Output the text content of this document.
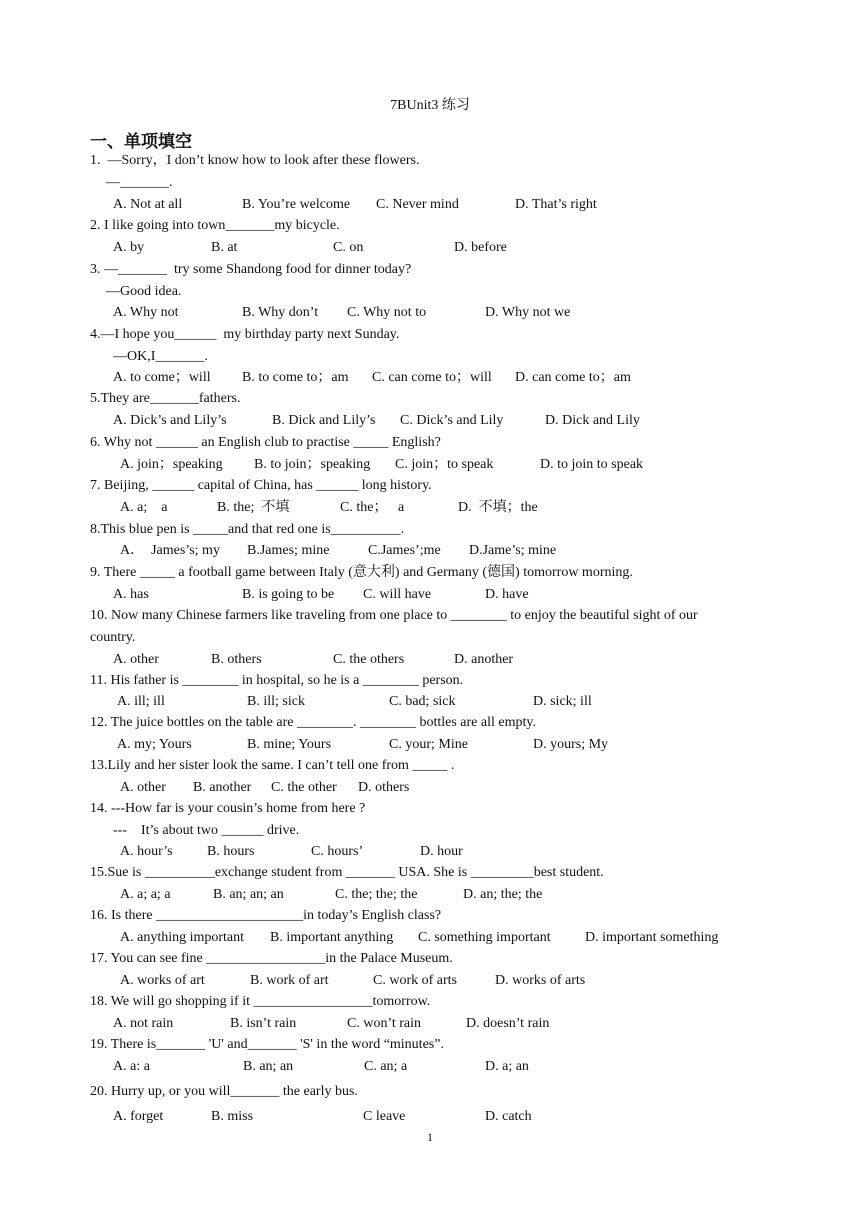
7BUnit3 练习
一、单项填空
1.  —Sorry，I don’t know how to look after these flowers.
—_______.
A. Not at all	B. You’re welcome C. Never mind	D. That’s right
2. I like going into town_______my bicycle.
A. by	B. at	C. on	D. before
3. —_______  try some Shandong food for dinner today?
—Good idea.
A. Why not	B. Why don’t C. Why not to	D. Why not we
4.—I hope you______  my birthday party next Sunday.
—OK,I_______.
A. to come；will B. to come to；am C. can come to；will D. can come to；am
5.They are_______fathers.
A. Dick’s and Lily’s	B. Dick and Lily’s C. Dick’s and Lily	D. Dick and Lily
6. Why not ______ an English club to practise _____ English?
A. join；speaking B. to join；speaking C. join；to speak	D. to join to speak
7. Beijing, ______ capital of China, has ______ long history.
A. a;    a	B. the;  不填	C. the；   a	D.  不填；the
8.This blue pen is _____and that red one is__________.
A．  James’s; my B.James; mine	C.James’;me D.Jame’s; mine
9. There _____ a football game between Italy (意大利) and Germany (德国) tomorrow morning.
A. has	B. is going to be C. will have	D. have
10. Now many Chinese farmers like traveling from one place to ________ to enjoy the beautiful sight of our
country.
A. other	B. others	C. the others	D. another
11. His father is ________ in hospital, so he is a ________ person.
A. ill; ill	B. ill; sick	C. bad; sick	D. sick; ill
12. The juice bottles on the table are ________. ________ bottles are all empty.
A. my; Yours	B. mine; Yours	C. your; Mine	D. yours; My
13.Lily and her sister look the same. I can’t tell one from _____ .
A. other B. another C. the other D. others
14. ---How far is your cousin’s home from here ?
---    It’s about two ______ drive.
A. hour’s B. hours	C. hours’	D. hour
15.Sue is __________exchange student from _______ USA. She is _________best student.
A. a; a; a	B. an; an; an	C. the; the; the	D. an; the; the
16. Is there _____________________in today’s English class?
A. anything important B. important anything C. something important D. important something
17. You can see fine _________________in the Palace Museum.
A. works of art	B. work of art	C. work of arts	D. works of arts
18. We will go shopping if it _________________tomorrow.
A. not rain	B. isn’t rain	C. won’t rain	D. doesn’t rain
19. There is_______ 'U' and_______ 'S' in the word “minutes”.
A. a: a	B. an; an	C. an; a	D. a; an
20. Hurry up, or you will_______ the early bus.
A. forget	B. miss	C leave	D. catch
1
